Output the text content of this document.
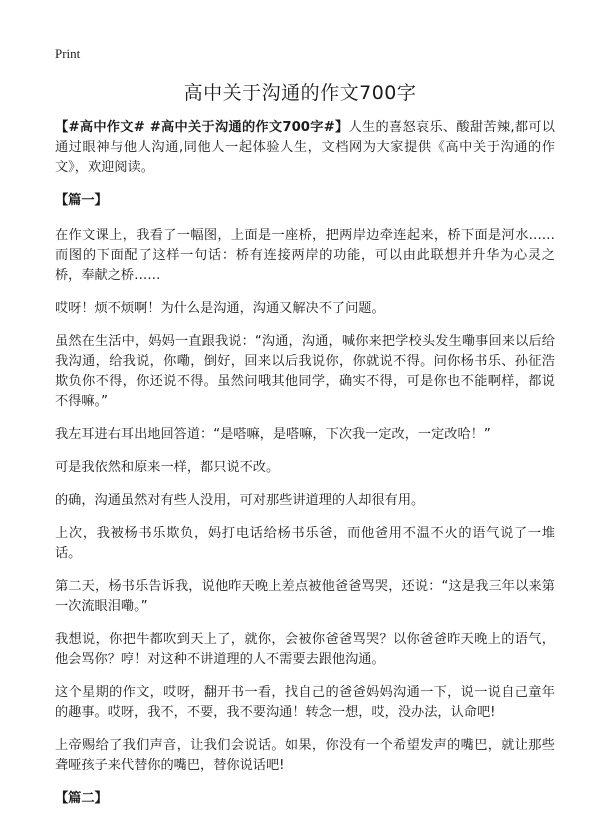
Print
高中关于沟通的作文700字

【#高中作文# #高中关于沟通的作文700字#】人生的喜怒哀乐、酸甜苦辣,都可以通过眼神与他人沟通,同他人一起体验人生，文档网为大家提供《高中关于沟通的作文》，欢迎阅读。

【篇一】

在作文课上，我看了一幅图，上面是一座桥，把两岸边牵连起来，桥下面是河水……而图的下面配了这样一句话：桥有连接两岸的功能，可以由此联想并升华为心灵之桥，奉献之桥……

哎呀！烦不烦啊！为什么是沟通，沟通又解决不了问题。

虽然在生活中，妈妈一直跟我说：“沟通，沟通，喊你来把学校头发生嘞事回来以后给我沟通，给我说，你嘞，倒好，回来以后我说你，你就说不得。问你杨书乐、孙征浩欺负你不得，你还说不得。虽然问哦其他同学，确实不得，可是你也不能啊样，都说不得嘛。”

我左耳进右耳出地回答道：“是嗒嘛，是嗒嘛，下次我一定改，一定改哈！”

可是我依然和原来一样，都只说不改。

的确，沟通虽然对有些人没用，可对那些讲道理的人却很有用。

上次，我被杨书乐欺负，妈打电话给杨书乐爸，而他爸用不温不火的语气说了一堆话。

第二天，杨书乐告诉我，说他昨天晚上差点被他爸爸骂哭，还说：“这是我三年以来第一次流眼泪嘞。”

我想说，你把牛都吹到天上了，就你，会被你爸爸骂哭？以你爸爸昨天晚上的语气，他会骂你？哼！对这种不讲道理的人不需要去跟他沟通。

这个星期的作文，哎呀，翻开书一看，找自己的爸爸妈妈沟通一下，说一说自己童年的趣事。哎呀，我不，不要，我不要沟通！转念一想，哎，没办法，认命吧!

上帝赐给了我们声音，让我们会说话。如果，你没有一个希望发声的嘴巴，就让那些聋哑孩子来代替你的嘴巴，替你说话吧!

【篇二】
